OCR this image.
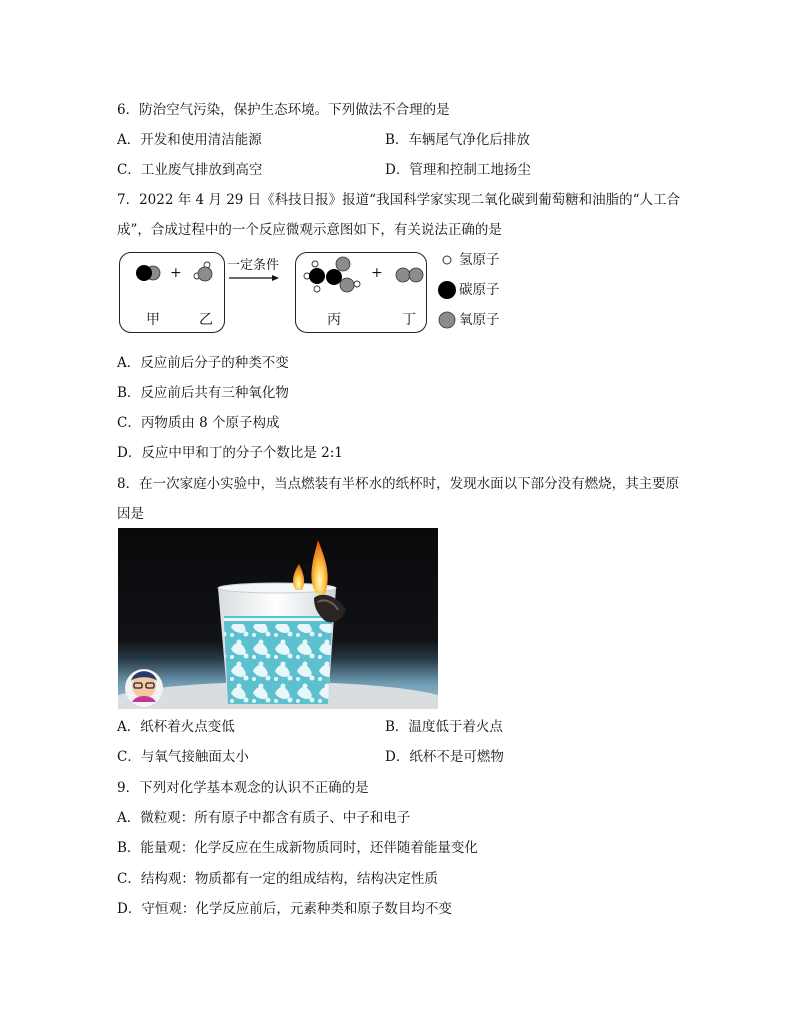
6．防治空气污染，保护生态环境。下列做法不合理的是
A．开发和使用清洁能源	B．车辆尾气净化后排放
C．工业废气排放到高空	D．管理和控制工地扬尘
7．2022 年 4 月 29 日《科技日报》报道“我国科学家实现二氧化碳到葡萄糖和油脂的“人工合
成”，合成过程中的一个反应微观示意图如下，有关说法正确的是
甲	乙	丙	丁
+	+
一定条件	氢原子
碳原子
氧原子
A．反应前后分子的种类不变
B．反应前后共有三种氧化物
C．丙物质由 8 个原子构成
D．反应中甲和丁的分子个数比是 2:1
8．在一次家庭小实验中，当点燃装有半杯水的纸杯时，发现水面以下部分没有燃烧，其主要原
因是
A．纸杯着火点变低	B．温度低于着火点
C．与氧气接触面太小	D．纸杯不是可燃物
9．下列对化学基本观念的认识不正确的是
A．微粒观：所有原子中都含有质子、中子和电子
B．能量观：化学反应在生成新物质同时，还伴随着能量变化
C．结构观：物质都有一定的组成结构，结构决定性质
D．守恒观：化学反应前后，元素种类和原子数目均不变
